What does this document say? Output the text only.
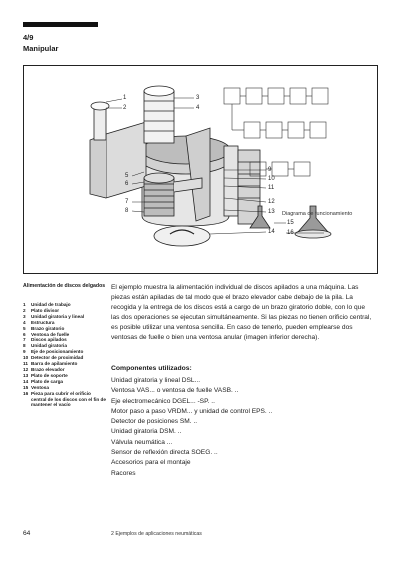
4/9
Manipular
1
2
3
4
5
6
7
8
9
10
11
12
13
14
15
16
Diagrama de funcionamiento
Alimentación de discos delgados
1	Unidad de trabajo
2	Plato divisor
3	Unidad giratoria y lineal
4	Estructura
5	Brazo giratorio
6	Ventosa de fuelle
7	Discos apilados
8	Unidad giratoria
9	Eje de posicionamiento
10 Detector de proximidad
11 Barra de apilamiento
12 Brazo elevador
13 Plato de soporte
14 Plato de carga
15 Ventosa
16 Pieza para cubrir el orificio central de los discos con el fin de mantener el vacío

El ejemplo muestra la alimentación individual de discos apilados a una máquina. Las piezas están apiladas de tal modo que el brazo elevador cabe debajo de la pila. La recogida y la entrega de los discos está a cargo de un brazo giratorio doble, con lo que las dos operaciones se ejecutan simultáneamente. Si las piezas no tienen orificio central, es posible utilizar una ventosa sencilla. En caso de tenerlo, pueden emplearse dos ventosas de fuelle o bien una ventosa anular (imagen inferior derecha).

Componentes utilizados:
Unidad giratoria y lineal DSL...
Ventosa VAS... o ventosa de fuelle VASB. ..
Eje electromecánico DGEL... -SP. ..
Motor paso a paso VRDM... y unidad de control EPS. ..
Detector de posiciones SM. ..
Unidad giratoria DSM. ..
Válvula neumática ...
Sensor de reflexión directa SOEG. ..
Accesorios para el montaje
Racores
64	2 Ejemplos de aplicaciones neumáticas
